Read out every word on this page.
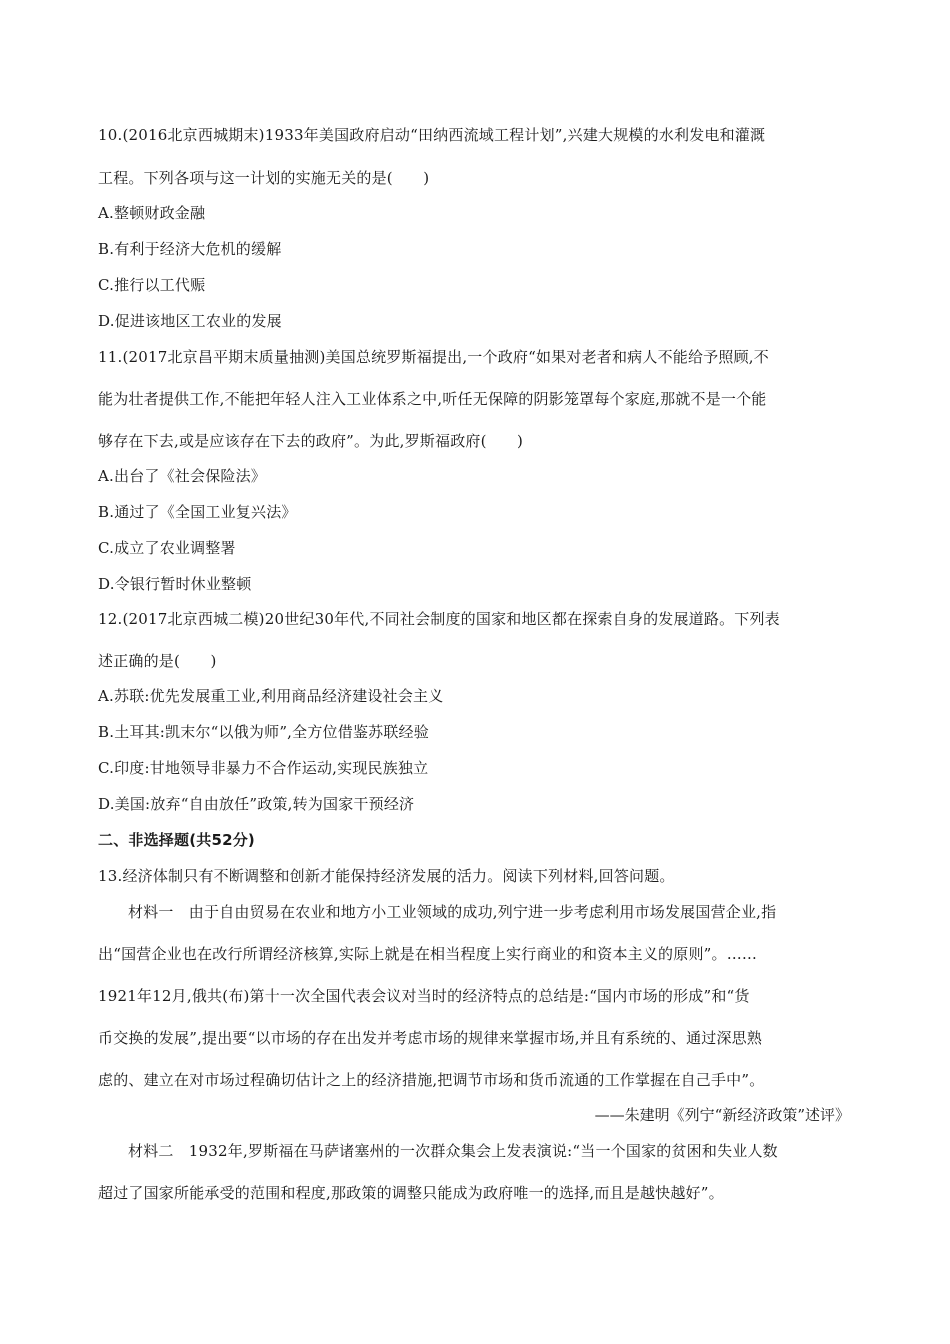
10.(2016北京西城期末)1933年美国政府启动“田纳西流域工程计划”,兴建大规模的水利发电和灌溉
工程。下列各项与这一计划的实施无关的是(　　)
A.整顿财政金融
B.有利于经济大危机的缓解
C.推行以工代赈
D.促进该地区工农业的发展
11.(2017北京昌平期末质量抽测)美国总统罗斯福提出,一个政府“如果对老者和病人不能给予照顾,不
能为壮者提供工作,不能把年轻人注入工业体系之中,听任无保障的阴影笼罩每个家庭,那就不是一个能
够存在下去,或是应该存在下去的政府”。为此,罗斯福政府(　　)
A.出台了《社会保险法》
B.通过了《全国工业复兴法》
C.成立了农业调整署
D.令银行暂时休业整顿
12.(2017北京西城二模)20世纪30年代,不同社会制度的国家和地区都在探索自身的发展道路。下列表
述正确的是(　　)
A.苏联:优先发展重工业,利用商品经济建设社会主义
B.土耳其:凯末尔“以俄为师”,全方位借鉴苏联经验
C.印度:甘地领导非暴力不合作运动,实现民族独立
D.美国:放弃“自由放任”政策,转为国家干预经济
二、非选择题(共52分)
13.经济体制只有不断调整和创新才能保持经济发展的活力。阅读下列材料,回答问题。
材料一　由于自由贸易在农业和地方小工业领域的成功,列宁进一步考虑利用市场发展国营企业,指
出“国营企业也在改行所谓经济核算,实际上就是在相当程度上实行商业的和资本主义的原则”。……
1921年12月,俄共(布)第十一次全国代表会议对当时的经济特点的总结是:“国内市场的形成”和“货
币交换的发展”,提出要“以市场的存在出发并考虑市场的规律来掌握市场,并且有系统的、通过深思熟
虑的、建立在对市场过程确切估计之上的经济措施,把调节市场和货币流通的工作掌握在自己手中”。
——朱建明《列宁“新经济政策”述评》
材料二　1932年,罗斯福在马萨诸塞州的一次群众集会上发表演说:“当一个国家的贫困和失业人数
超过了国家所能承受的范围和程度,那政策的调整只能成为政府唯一的选择,而且是越快越好”。
